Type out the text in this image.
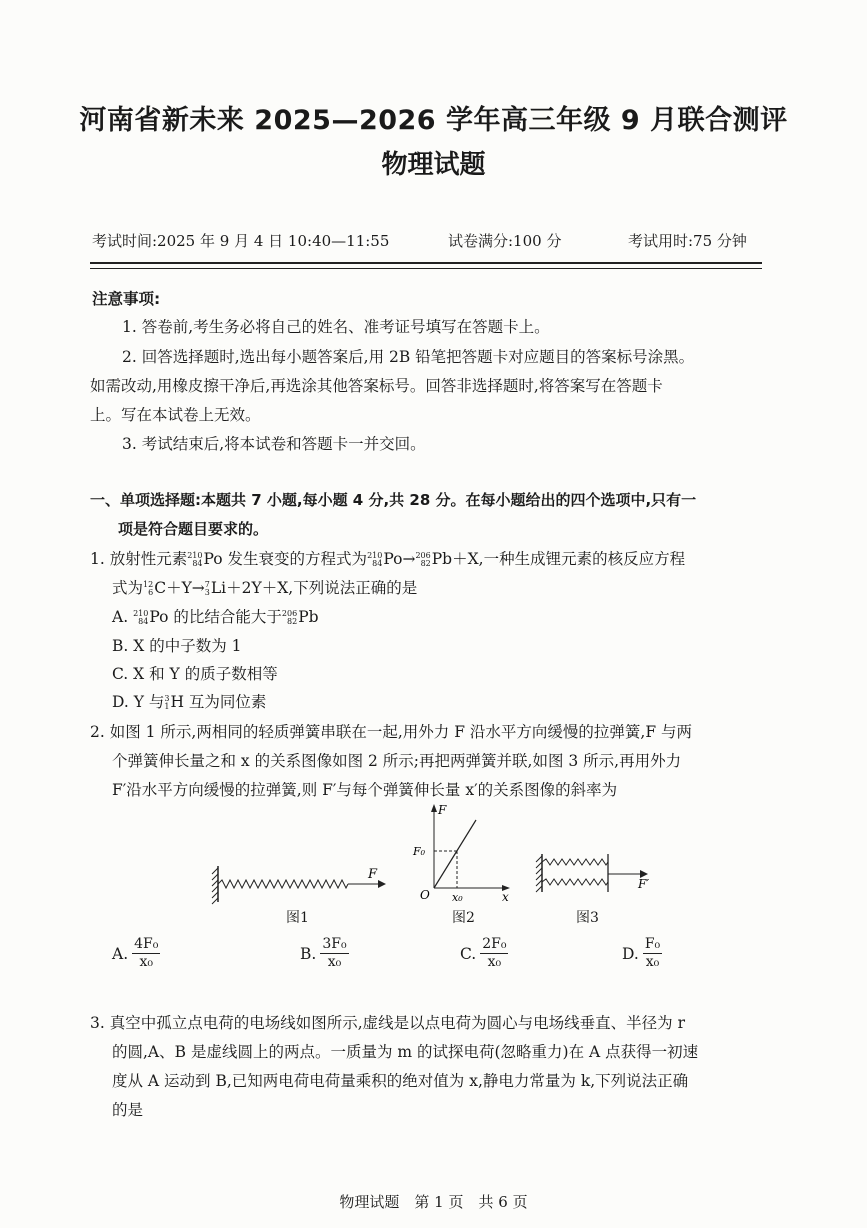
河南省新未来 2025—2026 学年高三年级 9 月联合测评
物理试题
考试时间:2025 年 9 月 4 日 10:40—11:55	试卷满分:100 分	考试用时:75 分钟
注意事项:
1. 答卷前,考生务必将自己的姓名、准考证号填写在答题卡上。
2. 回答选择题时,选出每小题答案后,用 2B 铅笔把答题卡对应题目的答案标号涂黑。
如需改动,用橡皮擦干净后,再选涂其他答案标号。回答非选择题时,将答案写在答题卡
上。写在本试卷上无效。
3. 考试结束后,将本试卷和答题卡一并交回。
一、单项选择题:本题共 7 小题,每小题 4 分,共 28 分。在每小题给出的四个选项中,只有一
项是符合题目要求的。
1. 放射性元素 210
84 Po 发生衰变的方程式为 210
84 Po→ 206
82 Pb＋X,一种生成锂元素的核反应方程
式为 12
6 C＋Y→ 7
3 Li＋2Y＋X,下列说法正确的是
A. 210
84 Po 的比结合能大于 206
82 Pb
B. X 的中子数为 1
C. X 和 Y 的质子数相等
D. Y 与 3
1 H 互为同位素
2. 如图 1 所示,两相同的轻质弹簧串联在一起,用外力 F 沿水平方向缓慢的拉弹簧,F 与两
个弹簧伸长量之和 x 的关系图像如图 2 所示;再把两弹簧并联,如图 3 所示,再用外力
F′沿水平方向缓慢的拉弹簧,则 F′与每个弹簧伸长量 x′的关系图像的斜率为
F
图1
F
F₀
O x₀	x
图2
F′
图3
A. $\frac{\text{4F₀}}{\text{x₀}}$	B. $\frac{\text{3F₀}}{\text{x₀}}$	C. $\frac{\text{2F₀}}{\text{x₀}}$	D. $\frac{\text{F₀}}{\text{x₀}}$
3. 真空中孤立点电荷的电场线如图所示,虚线是以点电荷为圆心与电场线垂直、半径为 r
的圆,A、B 是虚线圆上的两点。一质量为 m 的试探电荷(忽略重力)在 A 点获得一初速
度从 A 运动到 B,已知两电荷电荷量乘积的绝对值为 x,静电力常量为 k,下列说法正确
的是
物理试题　第 1 页　共 6 页
